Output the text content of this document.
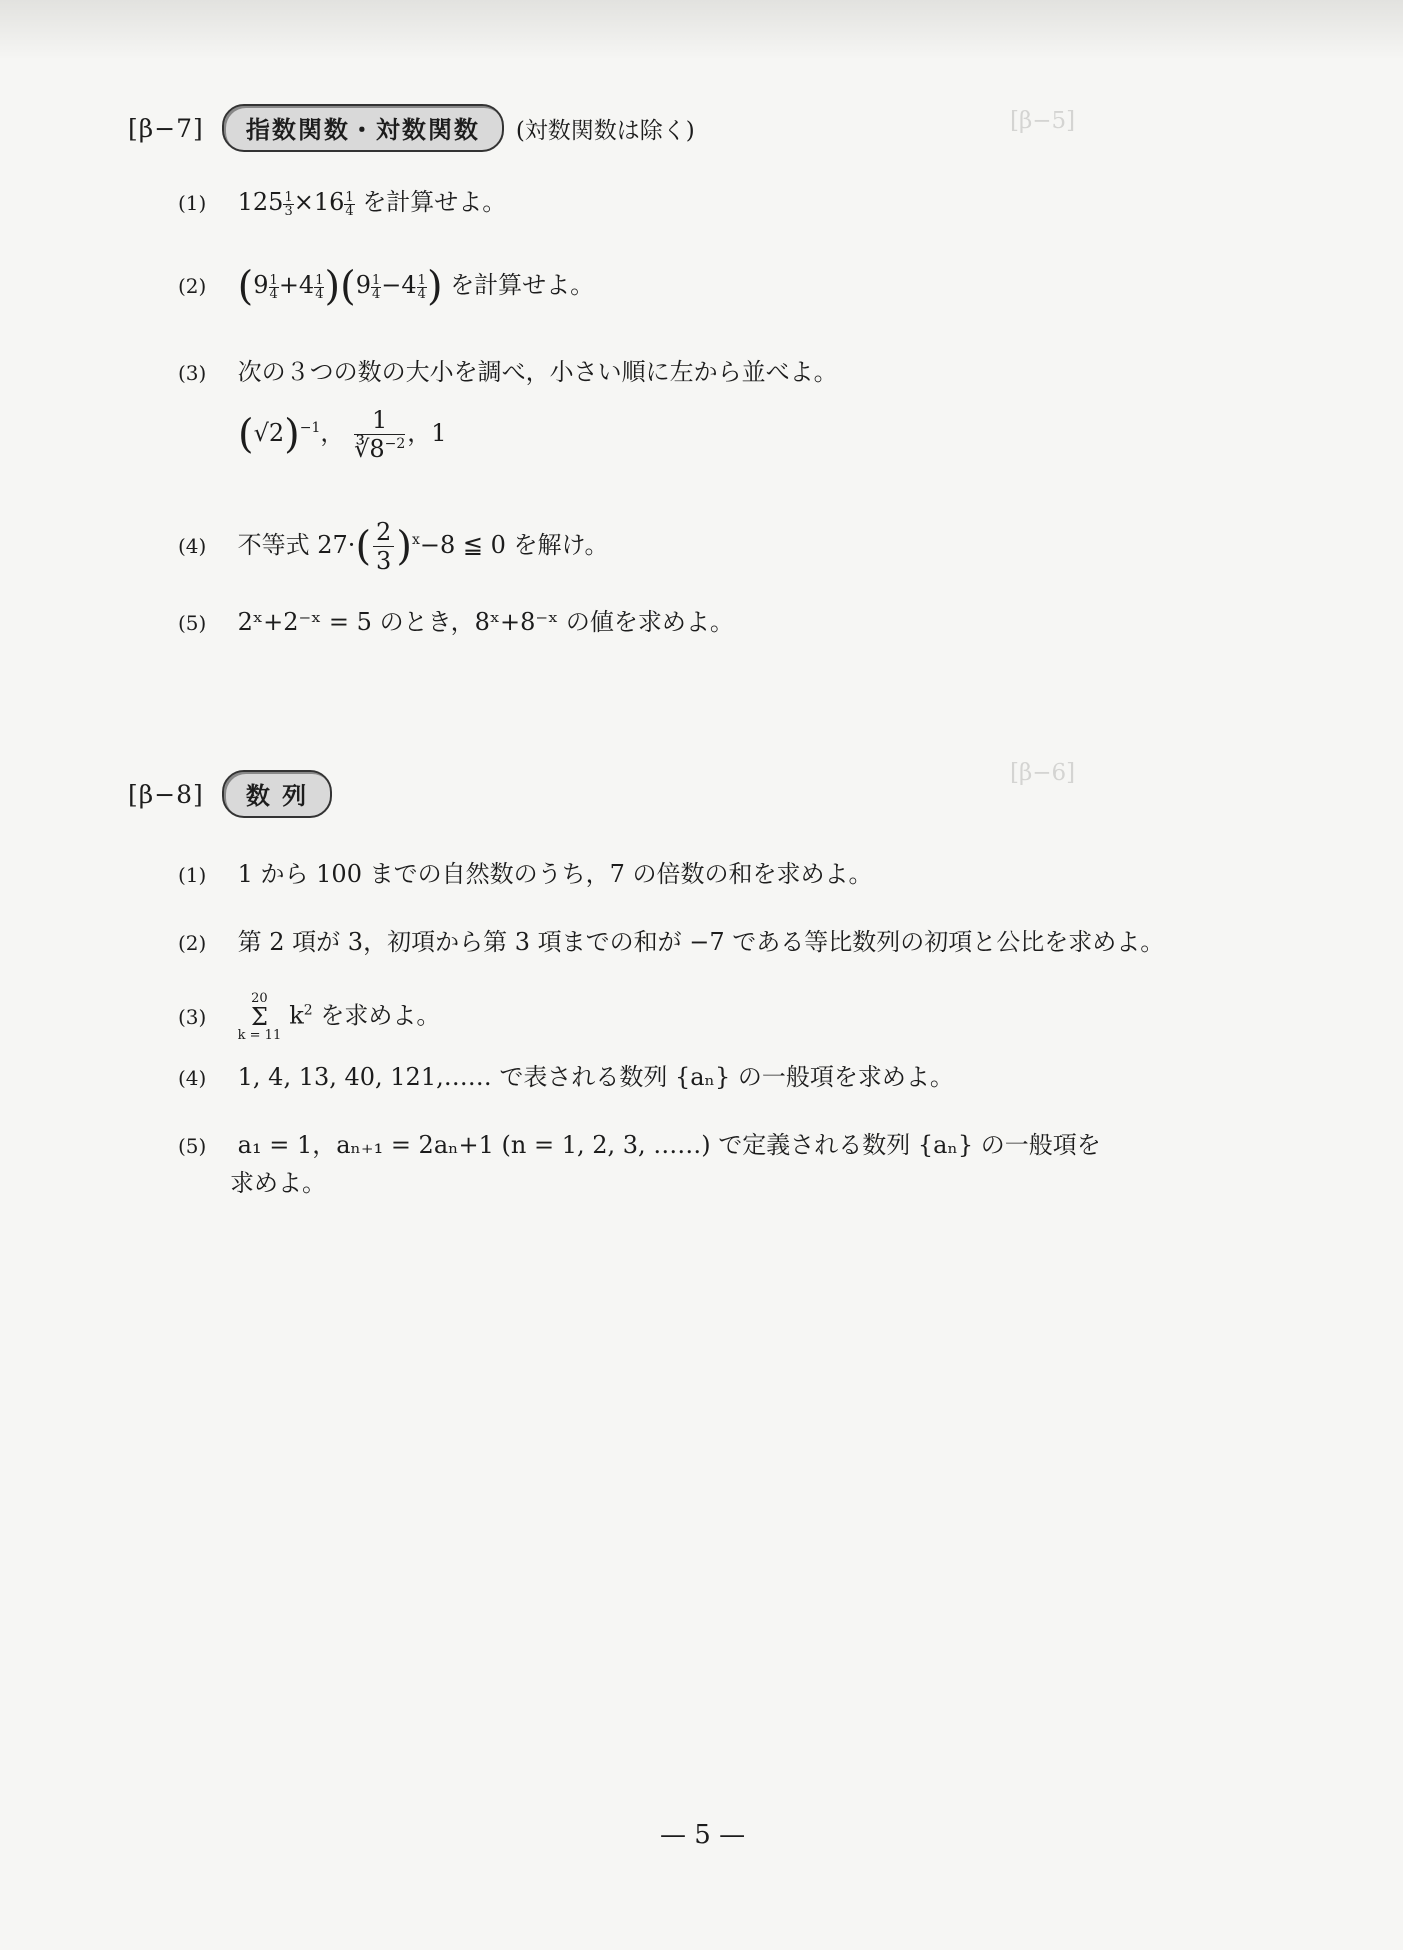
[β−5]
[β−6]
[β−7]	指数関数・対数関数	(対数関数は除く)
(1) $125 \frac{1}{3} \times 16 \frac{1}{4}$ を計算せよ。
(2) $(9 \frac{1}{4} +4 \frac{1}{4} )(9 \frac{1}{4} -4 \frac{1}{4}$ ) を計算せよ。
(3) 次の３つの数の大小を調べ，小さい順に左から並べよ。
$(√2)^{-1}$， $\frac{1}{∛8^{-2}}$ ，1
(4) 不等式 $27\cdot( \frac{2}{3} )^x-8$ ≦ 0 を解け。
(5) 2ˣ+2⁻ˣ = 5 のとき，8ˣ+8⁻ˣ の値を求めよ。
[β−8]	数 列
(1) 1 から 100 までの自然数のうち，7 の倍数の和を求めよ。
(2) 第 2 項が 3，初項から第 3 項までの和が −7 である等比数列の初項と公比を求めよ。
(3)
20
Σ
k = 11
$k^2$ を求めよ。
(4) 1, 4, 13, 40, 121,…… で表される数列 {aₙ} の一般項を求めよ。
(5) a₁ = 1，aₙ₊₁ = 2aₙ+1 (n = 1, 2, 3, ……) で定義される数列 {aₙ} の一般項を
求めよ。
— 5 —
